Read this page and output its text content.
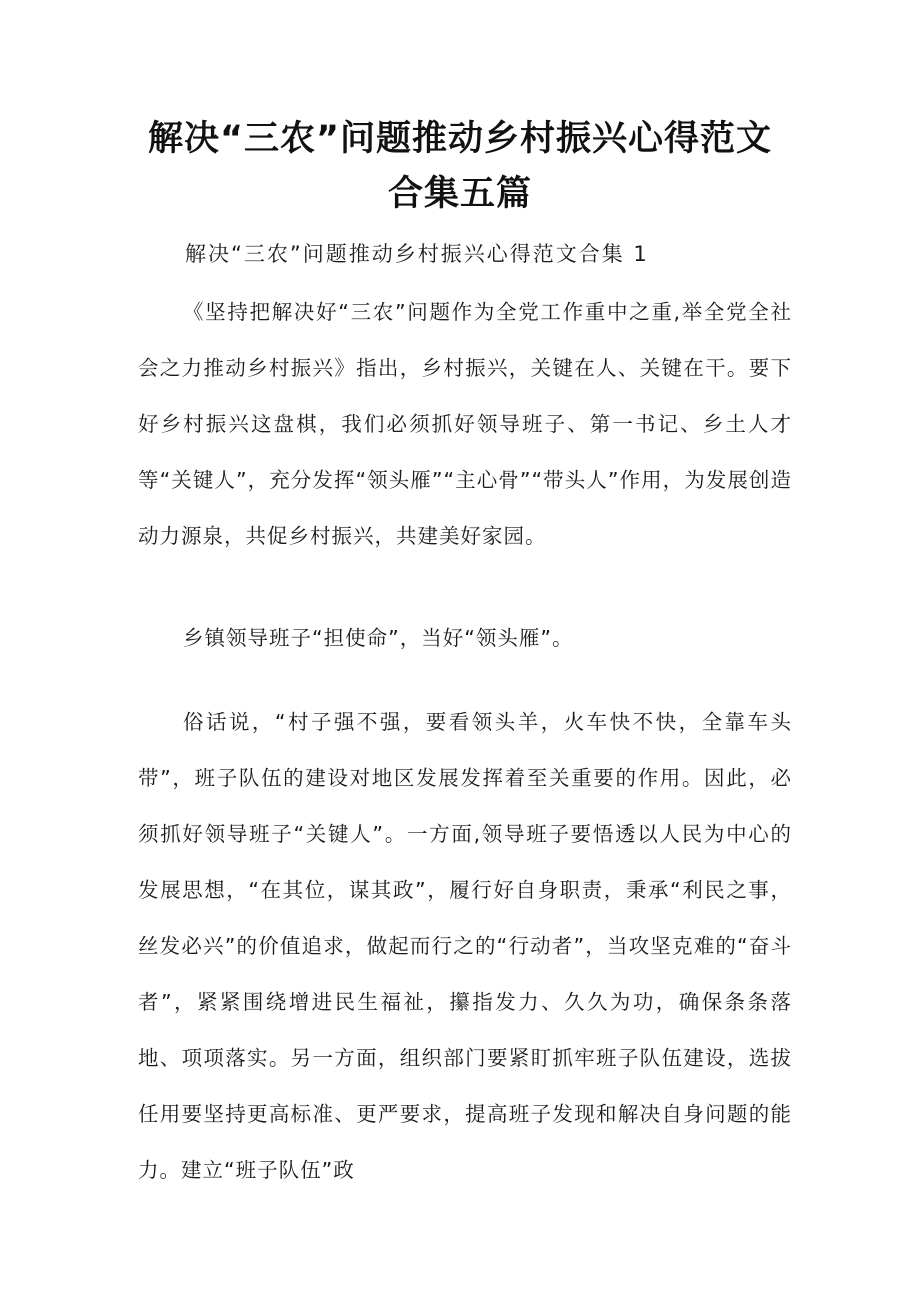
解决“三农”问题推动乡村振兴心得范文
合集五篇

解决“三农”问题推动乡村振兴心得范文合集 1

《坚持把解决好“三农”问题作为全党工作重中之重,举全党全社会之力推动乡村振兴》指出，乡村振兴，关键在人、关键在干。要下好乡村振兴这盘棋，我们必须抓好领导班子、第一书记、乡土人才等“关键人”，充分发挥“领头雁”“主心骨”“带头人”作用，为发展创造动力源泉，共促乡村振兴，共建美好家园。

乡镇领导班子“担使命”，当好“领头雁”。

俗话说，“村子强不强，要看领头羊，火车快不快，全靠车头带”，班子队伍的建设对地区发展发挥着至关重要的作用。因此，必须抓好领导班子“关键人”。一方面,领导班子要悟透以人民为中心的发展思想，“在其位，谋其政”，履行好自身职责，秉承“利民之事，丝发必兴”的价值追求，做起而行之的“行动者”，当攻坚克难的“奋斗者”，紧紧围绕增进民生福祉，攥指发力、久久为功，确保条条落地、项项落实。另一方面，组织部门要紧盯抓牢班子队伍建设，选拔任用要坚持更高标准、更严要求，提高班子发现和解决自身问题的能力。建立“班子队伍”政
